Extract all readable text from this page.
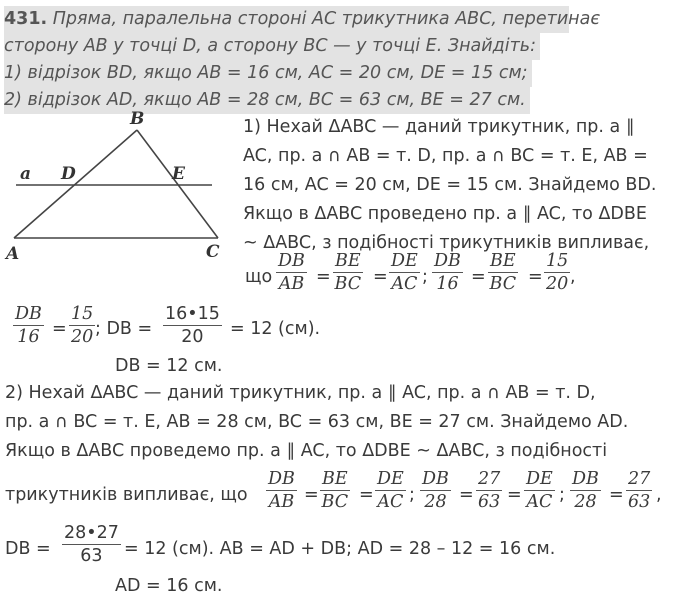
431. Пряма, паралельна стороні AC трикутника ABC, перетинає
сторону AB у точці D, а сторону BC — у точці E. Знайдіть:
1) відрізок BD, якщо AB = 16 см, AC = 20 см, DE = 15 см;
2) відрізок AD, якщо AB = 28 см, BC = 63 см, BE = 27 см.
B
a D	E
A	C
1) Нехай ΔABC — даний трикутник, пр. a ∥
AC, пр. a ∩ AB = т. D, пр. a ∩ BC = т. E, AB =
16 см, AC = 20 см, DE = 15 см. Знайдемо BD.
Якщо в ΔABC проведено пр. a ∥ AC, то ΔDBE
~ ΔABC, з подібності трикутників випливає,
що $\frac{DB}{AB} = \frac{BE}{BC} = \frac{DE}{AC}$ ; $\frac{DB}{16} = \frac{BE}{BC} = \frac{15}{20}$ ,
$\frac{DB}{16} = \frac{15}{20}$ ; DB = $\frac{16•15}{20} = 12$ (см).
DB = 12 см.
2) Нехай ΔABC — даний трикутник, пр. a ∥ AC, пр. a ∩ AB = т. D,
пр. a ∩ BC = т. E, AB = 28 см, BC = 63 см, BE = 27 см. Знайдемо AD.
Якщо в ΔABC проведемо пр. a ∥ AC, то ΔDBE ~ ΔABC, з подібності
трикутників випливає, що $\frac{DB}{AB} = \frac{BE}{BC} = \frac{DE}{AC}$ ; $\frac{DB}{28} = \frac{27}{63} = \frac{DE}{AC}$ ; $\frac{DB}{28} = \frac{27}{63}$ ,
DB = $\frac{28•27}{63} = 12$ (см). AB = AD + DB; AD = 28 – 12 = 16 см.
AD = 16 см.
